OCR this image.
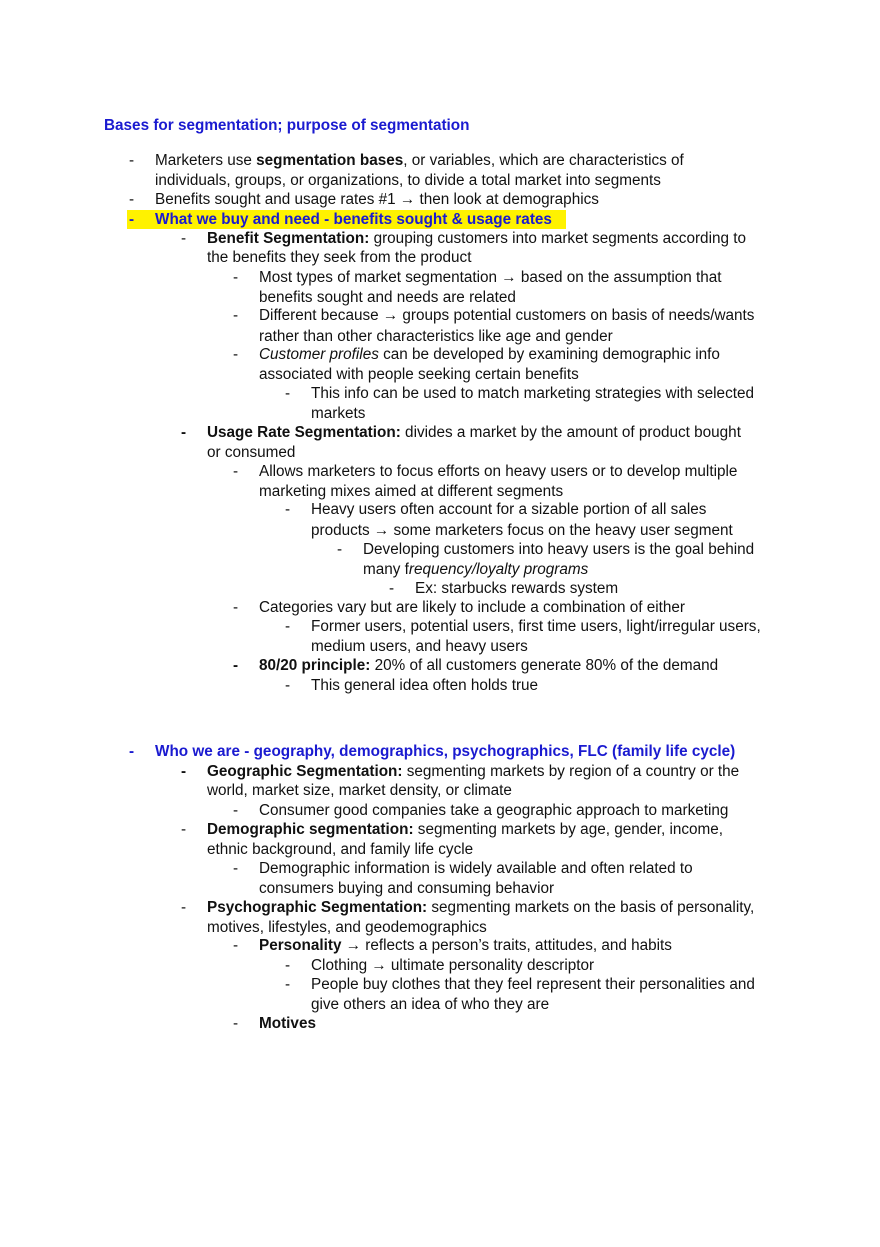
Bases for segmentation; purpose of segmentation
-	Marketers use segmentation bases, or variables, which are characteristics of
individuals, groups, or organizations, to divide a total market into segments
-	Benefits sought and usage rates #1 → then look at demographics
-	What we buy and need - benefits sought & usage rates
-	Benefit Segmentation: grouping customers into market segments according to
the benefits they seek from the product
-	Most types of market segmentation → based on the assumption that
benefits sought and needs are related
-	Different because → groups potential customers on basis of needs/wants
rather than other characteristics like age and gender
-	Customer profiles can be developed by examining demographic info
associated with people seeking certain benefits
-	This info can be used to match marketing strategies with selected
markets
-	Usage Rate Segmentation: divides a market by the amount of product bought
or consumed
-	Allows marketers to focus efforts on heavy users or to develop multiple
marketing mixes aimed at different segments
-	Heavy users often account for a sizable portion of all sales
products → some marketers focus on the heavy user segment
-	Developing customers into heavy users is the goal behind
many frequency/loyalty programs
-	Ex: starbucks rewards system
-	Categories vary but are likely to include a combination of either
-	Former users, potential users, first time users, light/irregular users,
medium users, and heavy users
-	80/20 principle: 20% of all customers generate 80% of the demand
-	This general idea often holds true
-	Who we are - geography, demographics, psychographics, FLC (family life cycle)
-	Geographic Segmentation: segmenting markets by region of a country or the
world, market size, market density, or climate
-	Consumer good companies take a geographic approach to marketing
-	Demographic segmentation: segmenting markets by age, gender, income,
ethnic background, and family life cycle
-	Demographic information is widely available and often related to
consumers buying and consuming behavior
-	Psychographic Segmentation: segmenting markets on the basis of personality,
motives, lifestyles, and geodemographics
-	Personality → reflects a person’s traits, attitudes, and habits
-	Clothing → ultimate personality descriptor
-	People buy clothes that they feel represent their personalities and
give others an idea of who they are
-	Motives
